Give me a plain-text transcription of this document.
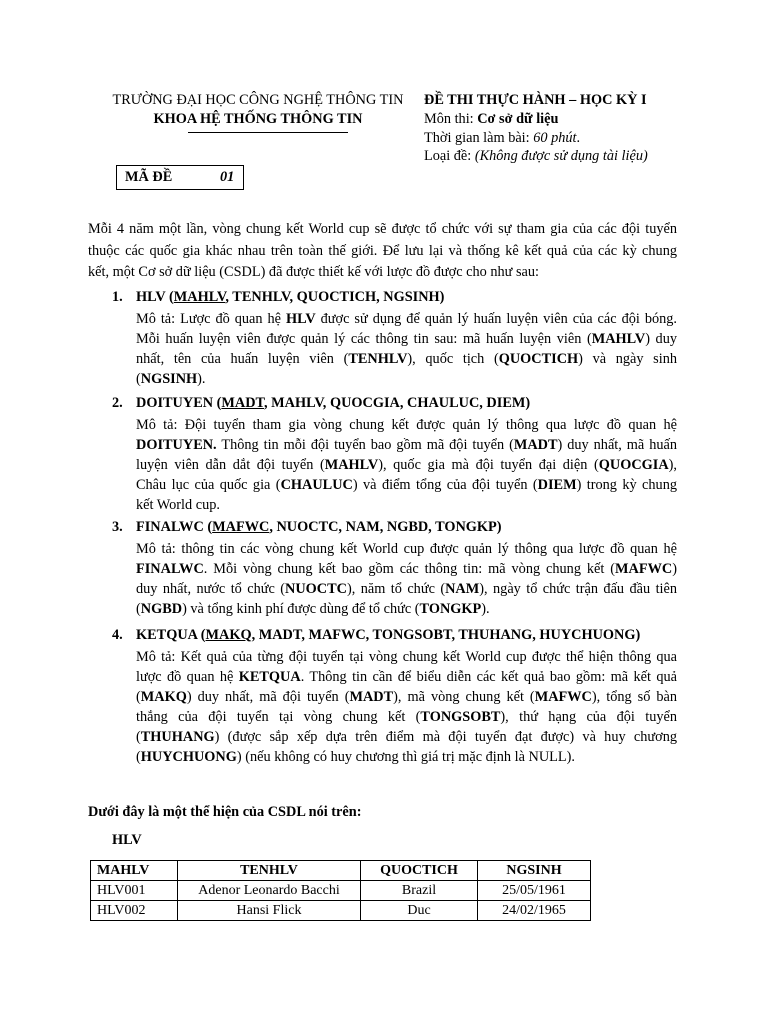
TRƯỜNG ĐẠI HỌC CÔNG NGHỆ THÔNG TIN
KHOA HỆ THỐNG THÔNG TIN
ĐỀ THI THỰC HÀNH – HỌC KỲ I
Môn thi: Cơ sở dữ liệu
Thời gian làm bài: 60 phút.
Loại đề: (Không được sử dụng tài liệu)
MÃ ĐỀ	01
Mỗi 4 năm một lần, vòng chung kết World cup sẽ được tổ chức với sự tham gia của các đội tuyển
thuộc các quốc gia khác nhau trên toàn thế giới. Để lưu lại và thống kê kết quả của các kỳ chung
kết, một Cơ sở dữ liệu (CSDL) đã được thiết kế với lược đồ được cho như sau:
1. HLV (MAHLV, TENHLV, QUOCTICH, NGSINH)
Mô tả: Lược đồ quan hệ HLV được sử dụng để quản lý huấn luyện viên của các đội bóng.
Mỗi huấn luyện viên được quản lý các thông tin sau: mã huấn luyện viên (MAHLV) duy
nhất, tên của huấn luyện viên (TENHLV), quốc tịch (QUOCTICH) và ngày sinh
(NGSINH).
2. DOITUYEN (MADT, MAHLV, QUOCGIA, CHAULUC, DIEM)
Mô tả: Đội tuyển tham gia vòng chung kết được quản lý thông qua lược đồ quan hệ
DOITUYEN. Thông tin mỗi đội tuyển bao gồm mã đội tuyển (MADT) duy nhất, mã huấn
luyện viên dẫn dắt đội tuyển (MAHLV), quốc gia mà đội tuyển đại diện (QUOCGIA),
Châu lục của quốc gia (CHAULUC) và điểm tổng của đội tuyển (DIEM) trong kỳ chung
kết World cup.
3. FINALWC (MAFWC, NUOCTC, NAM, NGBD, TONGKP)
Mô tả: thông tin các vòng chung kết World cup được quản lý thông qua lược đồ quan hệ
FINALWC. Mỗi vòng chung kết bao gồm các thông tin: mã vòng chung kết (MAFWC)
duy nhất, nước tổ chức (NUOCTC), năm tổ chức (NAM), ngày tổ chức trận đấu đầu tiên
(NGBD) và tổng kinh phí được dùng để tổ chức (TONGKP).
4. KETQUA (MAKQ, MADT, MAFWC, TONGSOBT, THUHANG, HUYCHUONG)
Mô tả: Kết quả của từng đội tuyển tại vòng chung kết World cup được thể hiện thông qua
lược đồ quan hệ KETQUA. Thông tin cần để biểu diễn các kết quả bao gồm: mã kết quả
(MAKQ) duy nhất, mã đội tuyển (MADT), mã vòng chung kết (MAFWC), tổng số bàn
thắng của đội tuyển tại vòng chung kết (TONGSOBT), thứ hạng của đội tuyển
(THUHANG) (được sắp xếp dựa trên điểm mà đội tuyển đạt được) và huy chương
(HUYCHUONG) (nếu không có huy chương thì giá trị mặc định là NULL).
Dưới đây là một thể hiện của CSDL nói trên:
HLV
MAHLV	TENHLV	QUOCTICH	NGSINH
HLV001	Adenor Leonardo Bacchi	Brazil	25/05/1961
HLV002	Hansi Flick	Duc	24/02/1965
